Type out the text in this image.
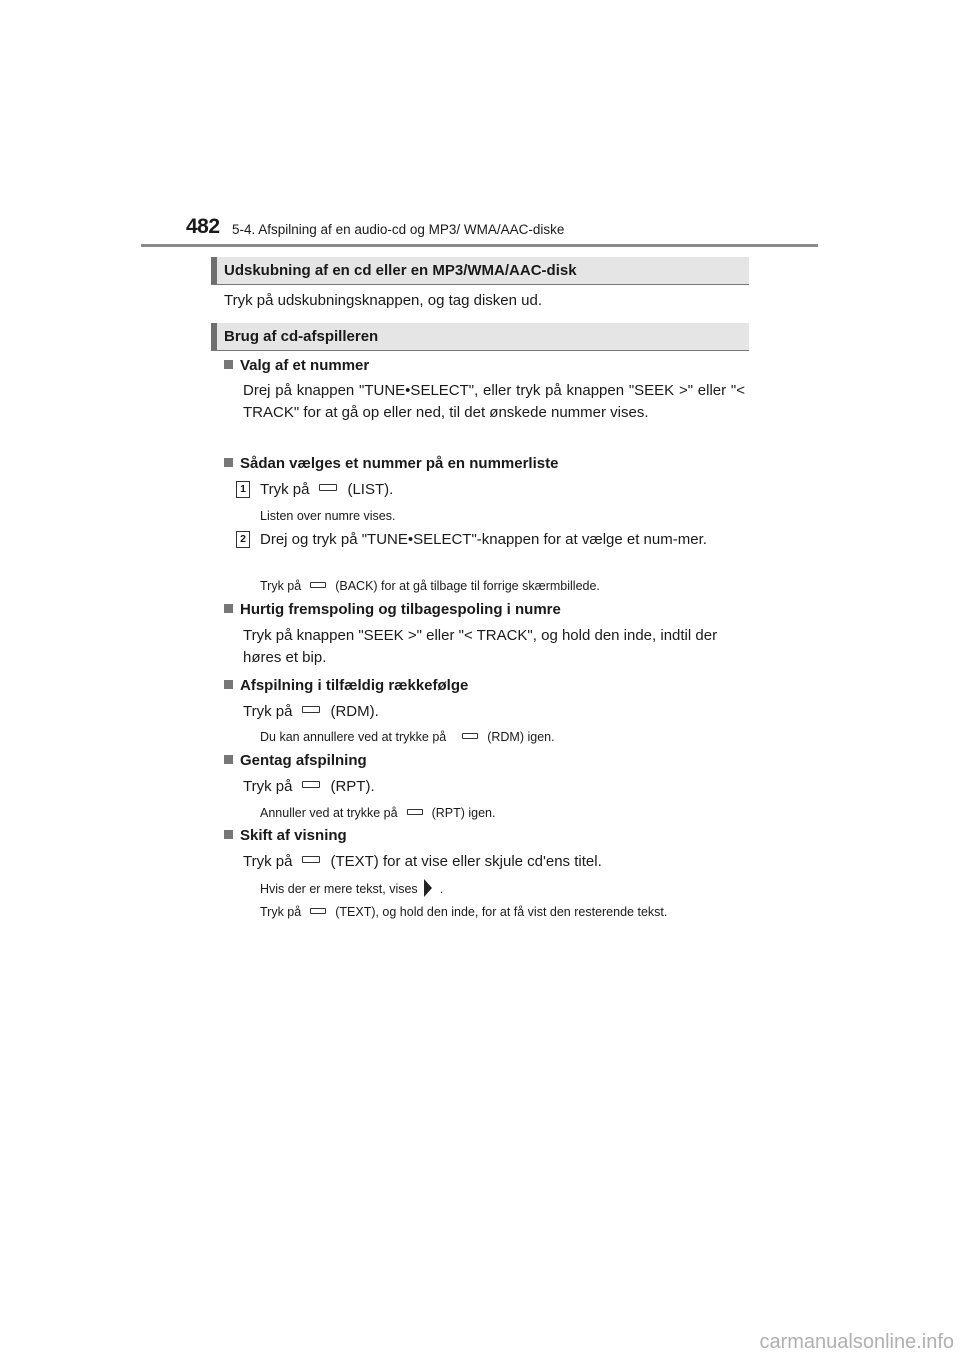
482 5-4. Afspilning af en audio-cd og MP3/ WMA/AAC-diske
Udskubning af en cd eller en MP3/WMA/AAC-disk
Tryk på udskubningsknappen, og tag disken ud.
Brug af cd-afspilleren
Valg af et nummer
Drej på knappen "TUNE•SELECT", eller tryk på knappen "SEEK >" eller "< TRACK" for at gå op eller ned, til det ønskede nummer vises.
Sådan vælges et nummer på en nummerliste
1 Tryk på	(LIST).
Listen over numre vises.
2 Drej og tryk på "TUNE•SELECT"-knappen for at vælge et num-mer.
Tryk på	(BACK) for at gå tilbage til forrige skærmbillede.
Hurtig fremspoling og tilbagespoling i numre
Tryk på knappen "SEEK >" eller "< TRACK", og hold den inde, indtil der høres et bip.
Afspilning i tilfældig rækkefølge
Tryk på	(RDM).
Du kan annullere ved at trykke på	(RDM) igen.
Gentag afspilning
Tryk på	(RPT).
Annuller ved at trykke på	(RPT) igen.
Skift af visning
Tryk på	(TEXT) for at vise eller skjule cd'ens titel.
Hvis der er mere tekst, vises .
Tryk på	(TEXT), og hold den inde, for at få vist den resterende tekst.
carmanualsonline.info
